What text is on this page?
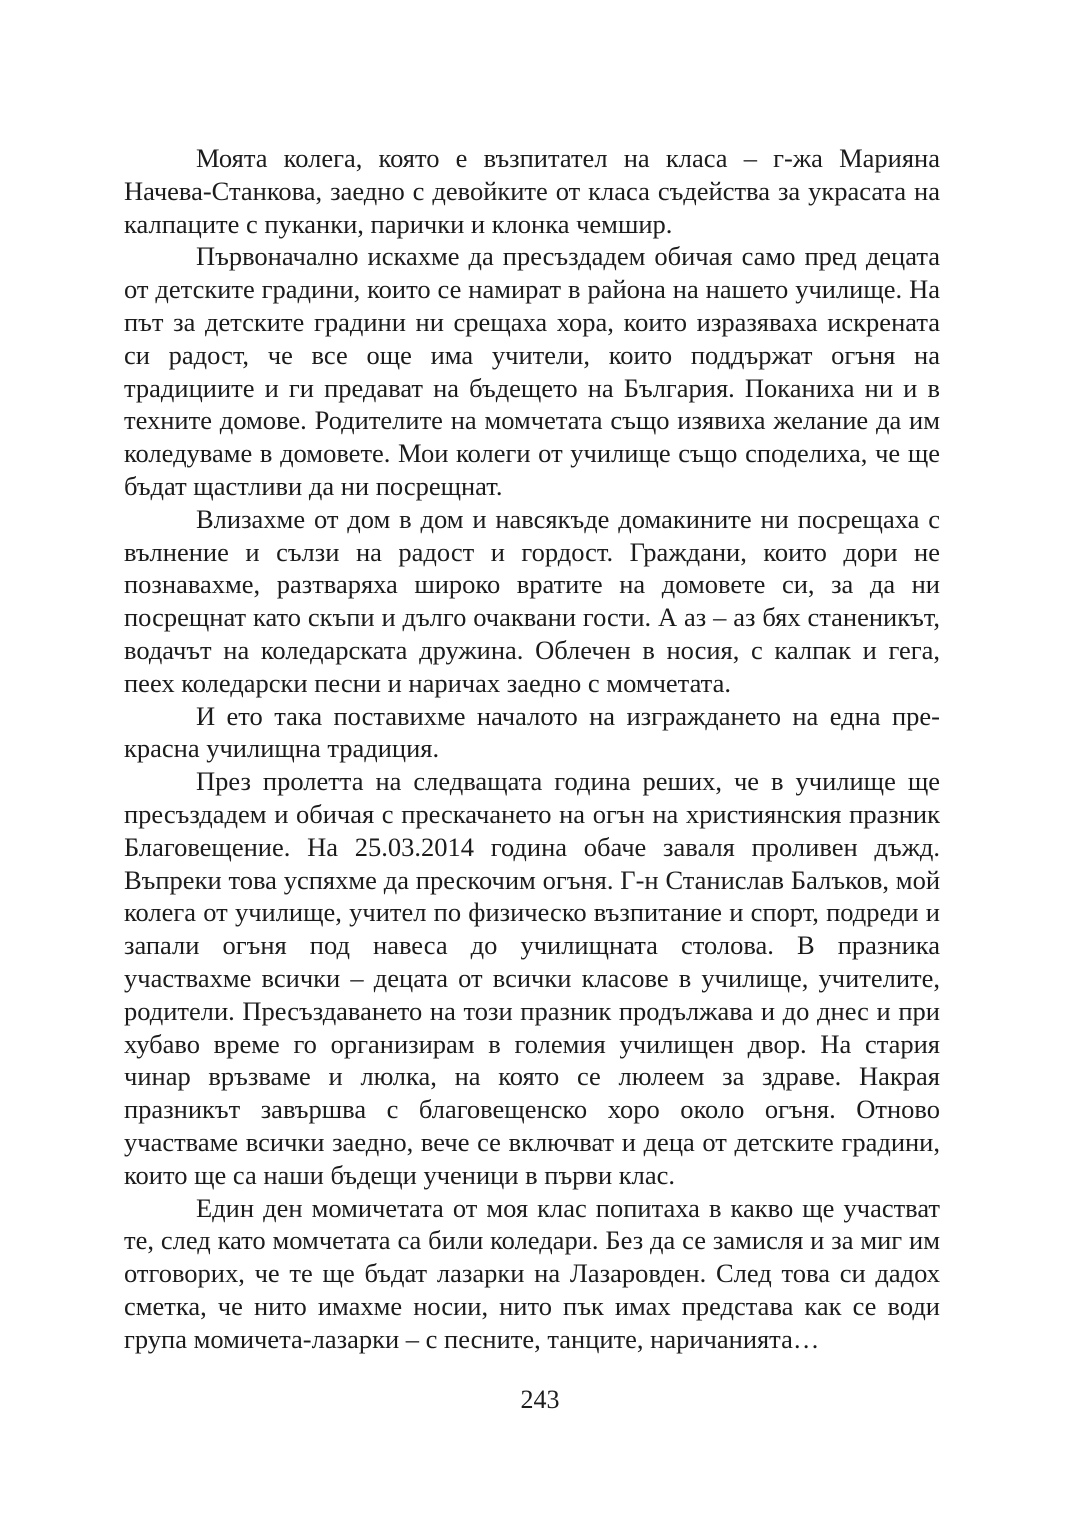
Моята колега, която е възпитател на класа – г-жа Марияна Начева-Станкова, заедно с девойките от класа съдейства за украсата на калпаците с пуканки, парички и клонка чемшир.

Първоначално искахме да пресъздадем обичая само пред децата от детските градини, които се намират в района на нашето училище. На път за детските градини ни срещаха хора, които изразяваха искрената си радост, че все още има учители, които поддържат огъня на традициите и ги предават на бъдещето на България. Поканиха ни и в техните домове. Родителите на момчетата също изявиха желание да им коледуваме в домовете. Мои колеги от училище също споделиха, че ще бъдат щастливи да ни посрещнат.

Влизахме от дом в дом и навсякъде домакините ни посрещаха с вълнение и сълзи на радост и гордост. Граждани, които дори не познавахме, разтваряха широко вратите на домовете си, за да ни посрещнат като скъпи и дълго очаквани гости. А аз – аз бях станеникът, водачът на коледарската дружина. Облечен в носия, с калпак и гега, пеех коледарски песни и наричах заедно с момчетата.

И ето така поставихме началото на изграждането на една прекрасна училищна традиция.

През пролетта на следващата година реших, че в училище ще пресъздадем и обичая с прескачането на огън на християнския празник Благовещение. На 25.03.2014 година обаче заваля проливен дъжд. Въпреки това успяхме да прескочим огъня. Г-н Станислав Балъков, мой колега от училище, учител по физическо възпитание и спорт, подреди и запали огъня под навеса до училищната столова. В празника участвахме всички – децата от всички класове в училище, учителите, родители. Пресъздаването на този празник продължава и до днес и при хубаво време го организирам в големия училищен двор. На стария чинар връзваме и люлка, на която се люлеем за здраве. Накрая празникът завършва с благовещенско хоро около огъня. Отново участваме всички заедно, вече се включват и деца от детските градини, които ще са наши бъдещи ученици в първи клас.

Един ден момичетата от моя клас попитаха в какво ще участват те, след като момчетата са били коледари. Без да се замисля и за миг им отговорих, че те ще бъдат лазарки на Лазаровден. След това си дадох сметка, че нито имахме носии, нито пък имах представа как се води група момичета-лазарки – с песните, танците, наричанията…

243
